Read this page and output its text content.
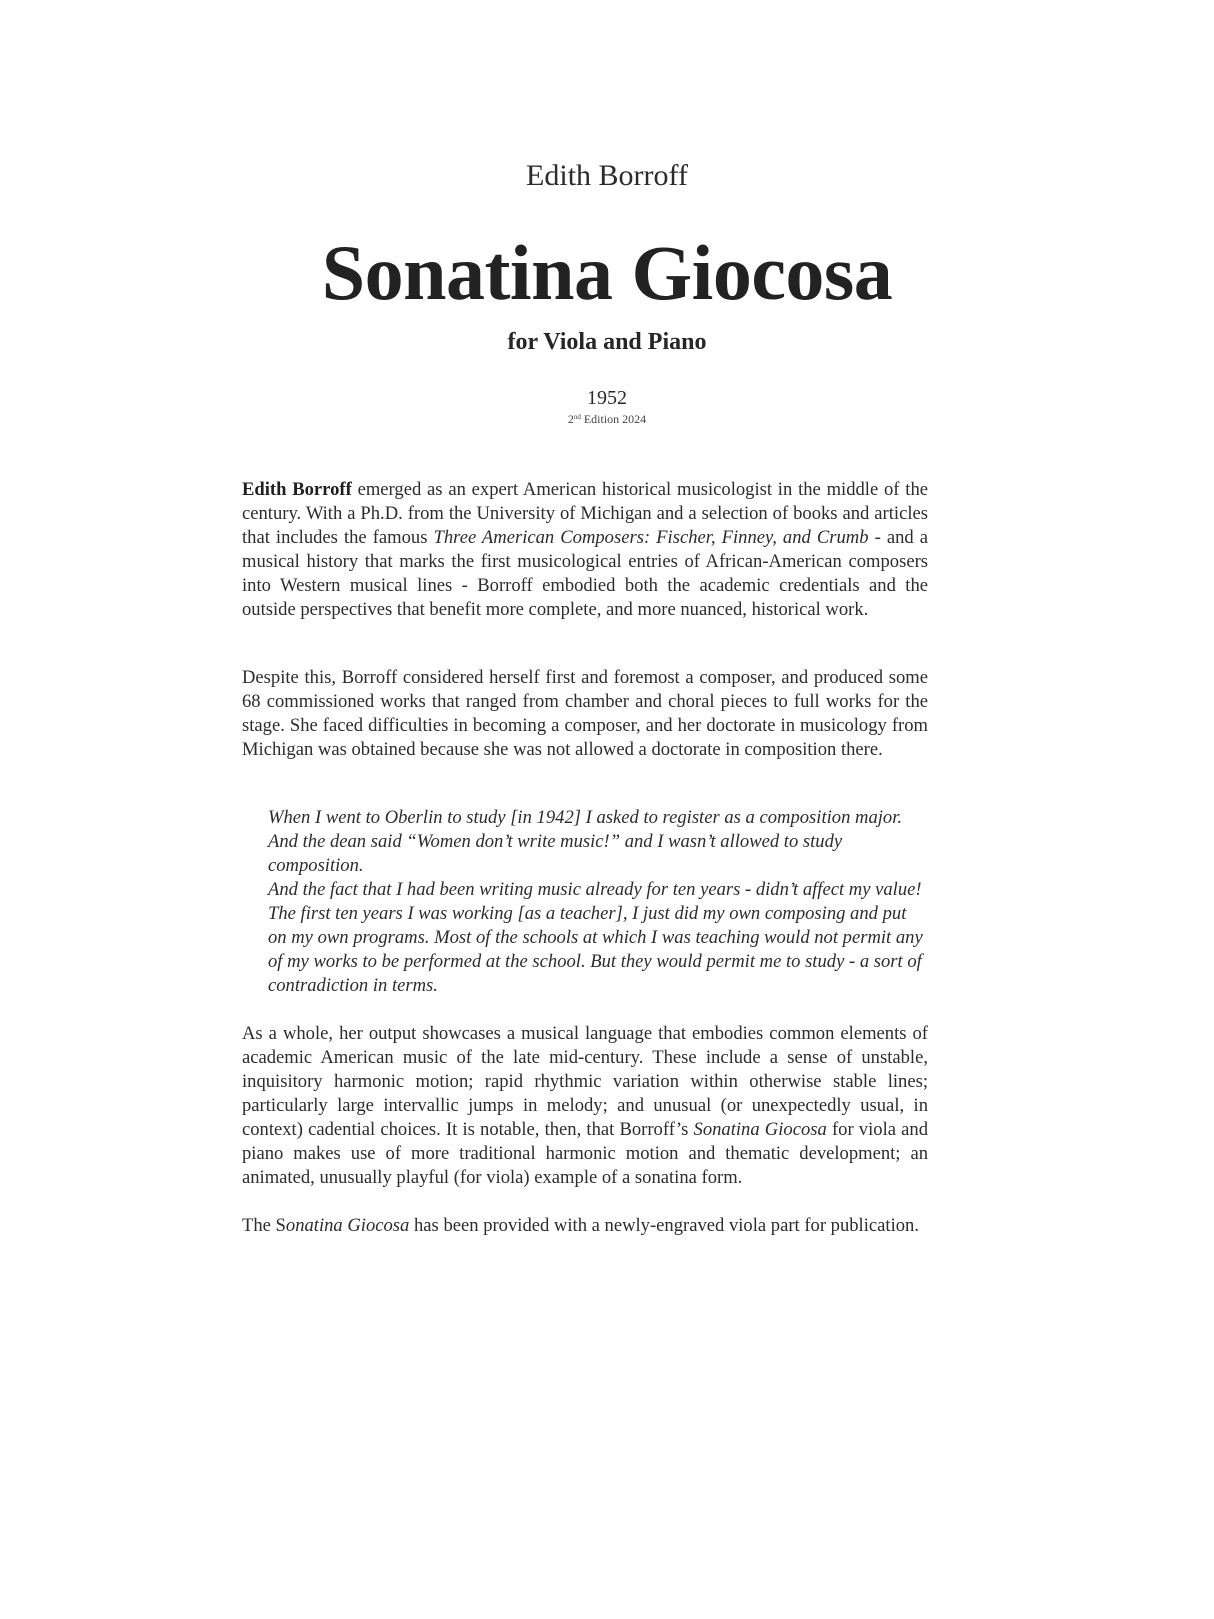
Edith Borroff
Sonatina Giocosa
for Viola and Piano
1952
2nd Edition 2024

Edith Borroff emerged as an expert American historical musicologist in the middle of the century. With a Ph.D. from the University of Michigan and a selection of books and articles that includes the famous Three American Composers: Fischer, Finney, and Crumb - and a musical history that marks the first musicological entries of African-American composers into Western musical lines - Borroff embodied both the academic credentials and the outside perspectives that benefit more complete, and more nuanced, historical work.

Despite this, Borroff considered herself first and foremost a composer, and produced some 68 commissioned works that ranged from chamber and choral pieces to full works for the stage. She faced difficulties in becoming a composer, and her doctorate in musicology from Michigan was obtained because she was not allowed a doctorate in composition there.

When I went to Oberlin to study [in 1942] I asked to register as a composition major.

And the dean said “Women don’t write music!” and I wasn’t allowed to study composition.

And the fact that I had been writing music already for ten years - didn’t affect my value!

The first ten years I was working [as a teacher], I just did my own composing and put

on my own programs. Most of the schools at which I was teaching would not permit any

of my works to be performed at the school. But they would permit me to study - a sort of

contradiction in terms.

As a whole, her output showcases a musical language that embodies common elements of academic American music of the late mid-century. These include a sense of unstable, inquisitory harmonic motion; rapid rhythmic variation within otherwise stable lines; particularly large intervallic jumps in melody; and unusual (or unexpectedly usual, in context) cadential choices. It is notable, then, that Borroff’s Sonatina Giocosa for viola and piano makes use of more traditional harmonic motion and thematic development; an animated, unusually playful (for viola) example of a sonatina form.

The Sonatina Giocosa has been provided with a newly-engraved viola part for publication.
